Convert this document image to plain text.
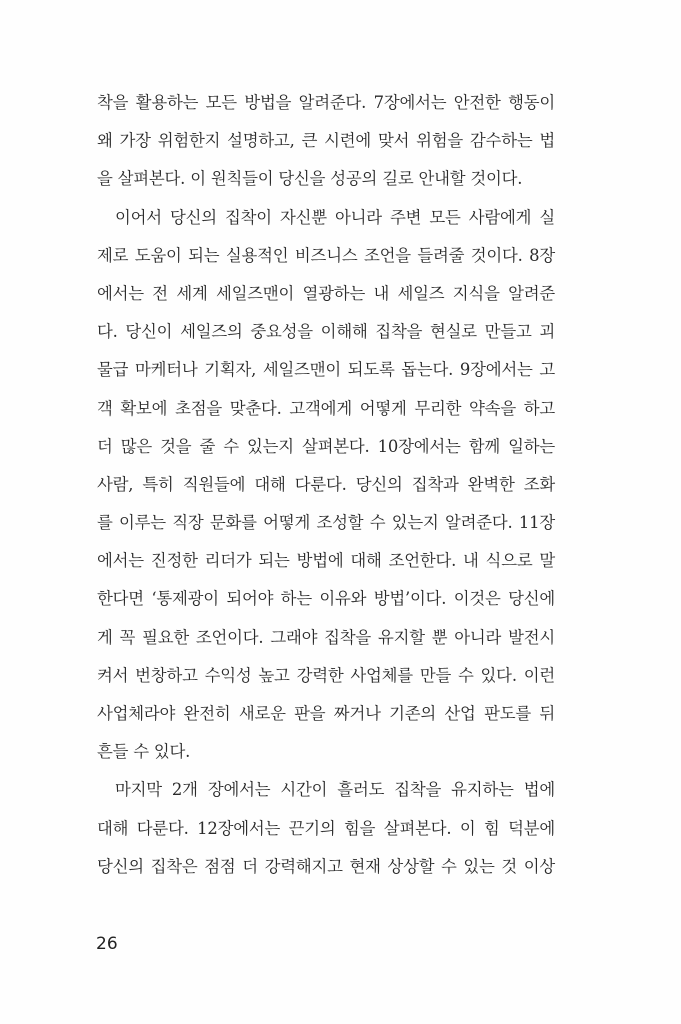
착을 활용하는 모든 방법을 알려준다. 7장에서는 안전한 행동이
왜 가장 위험한지 설명하고, 큰 시련에 맞서 위험을 감수하는 법
을 살펴본다. 이 원칙들이 당신을 성공의 길로 안내할 것이다.
이어서 당신의 집착이 자신뿐 아니라 주변 모든 사람에게 실
제로 도움이 되는 실용적인 비즈니스 조언을 들려줄 것이다. 8장
에서는 전 세계 세일즈맨이 열광하는 내 세일즈 지식을 알려준
다. 당신이 세일즈의 중요성을 이해해 집착을 현실로 만들고 괴
물급 마케터나 기획자, 세일즈맨이 되도록 돕는다. 9장에서는 고
객 확보에 초점을 맞춘다. 고객에게 어떻게 무리한 약속을 하고
더 많은 것을 줄 수 있는지 살펴본다. 10장에서는 함께 일하는
사람, 특히 직원들에 대해 다룬다. 당신의 집착과 완벽한 조화
를 이루는 직장 문화를 어떻게 조성할 수 있는지 알려준다. 11장
에서는 진정한 리더가 되는 방법에 대해 조언한다. 내 식으로 말
한다면 ‘통제광이 되어야 하는 이유와 방법’이다. 이것은 당신에
게 꼭 필요한 조언이다. 그래야 집착을 유지할 뿐 아니라 발전시
켜서 번창하고 수익성 높고 강력한 사업체를 만들 수 있다. 이런
사업체라야 완전히 새로운 판을 짜거나 기존의 산업 판도를 뒤
흔들 수 있다.
마지막 2개 장에서는 시간이 흘러도 집착을 유지하는 법에
대해 다룬다. 12장에서는 끈기의 힘을 살펴본다. 이 힘 덕분에
당신의 집착은 점점 더 강력해지고 현재 상상할 수 있는 것 이상
26
